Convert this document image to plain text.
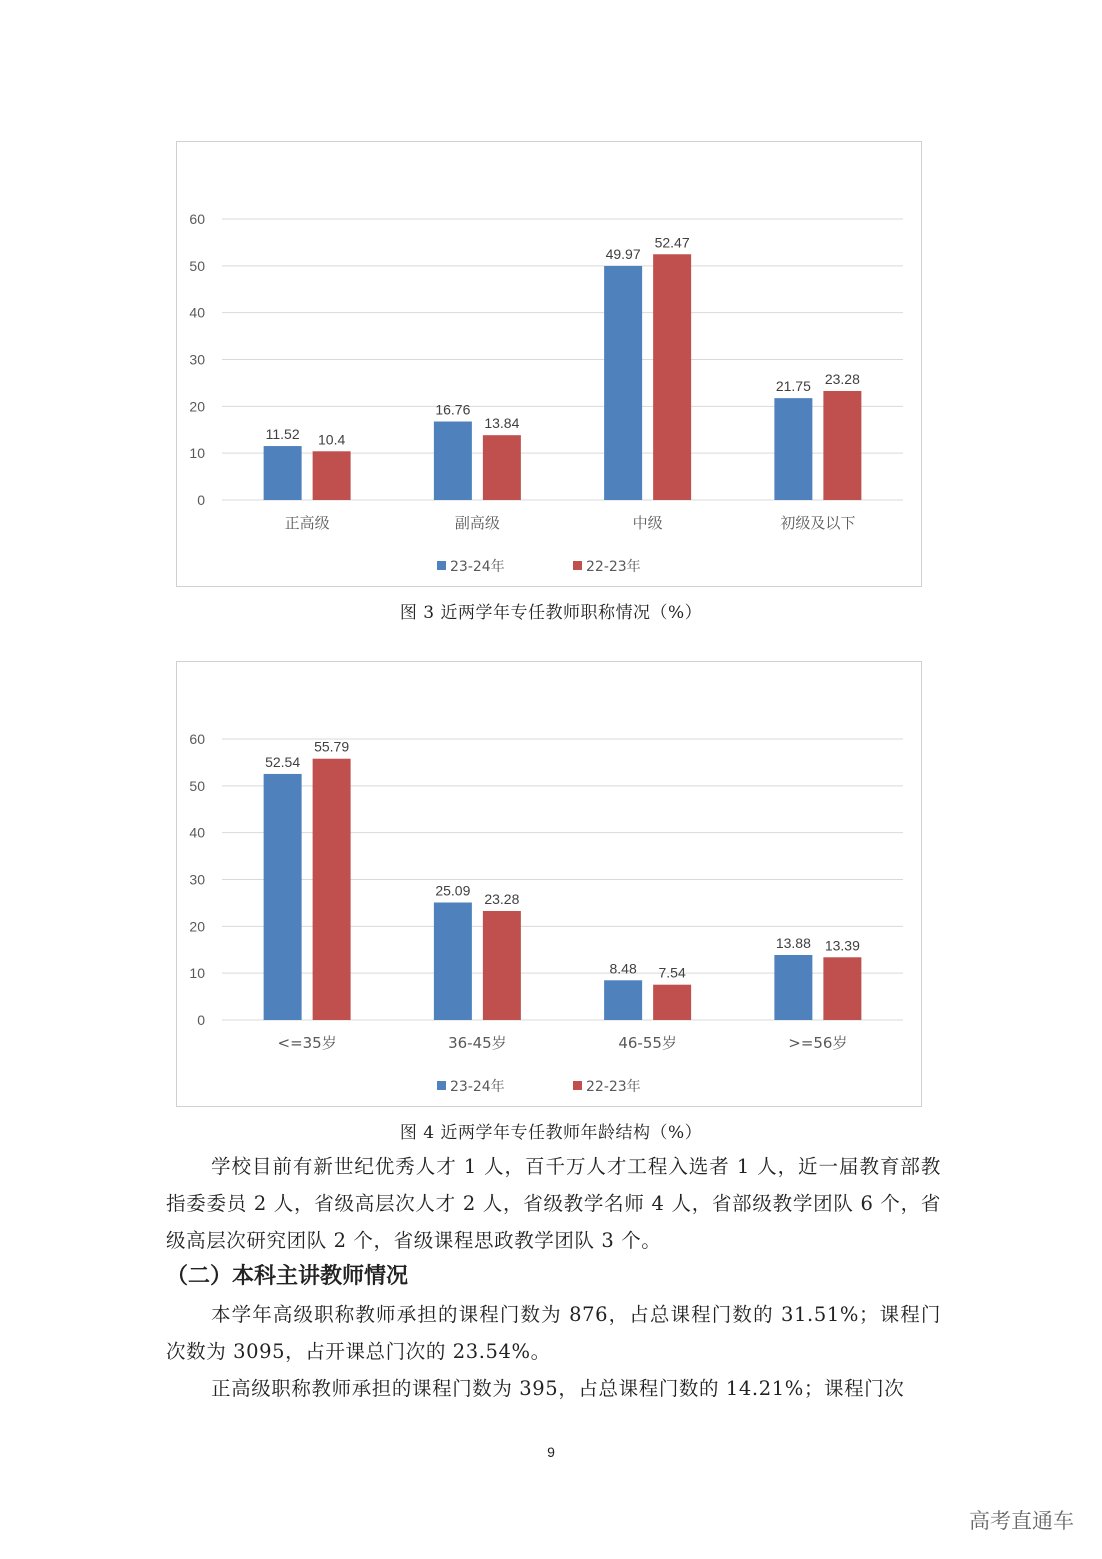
0
10
20
30
40
50
60
11.52 10.4
正高级
16.76
13.84
副高级
49.97
52.47
中级
21.75 23.28
初级及以下
23-24年	22-23年
图 3 近两学年专任教师职称情况（%）
0
10
20
30
40
50
60
52.54
55.79
<=35岁
25.09
23.28
36-45岁
8.48 7.54
46-55岁
13.88 13.39
>=56岁
23-24年	22-23年
图 4 近两学年专任教师年龄结构（%）

学校目前有新世纪优秀人才 1 人，百千万人才工程入选者 1 人，近一届教育部教指委委员 2 人，省级高层次人才 2 人，省级教学名师 4 人，省部级教学团队 6 个，省级高层次研究团队 2 个，省级课程思政教学团队 3 个。

（二）本科主讲教师情况

本学年高级职称教师承担的课程门数为 876，占总课程门数的 31.51%；课程门次数为 3095，占开课总门次的 23.54%。

正高级职称教师承担的课程门数为 395，占总课程门数的 14.21%；课程门次

9
高考直通车
